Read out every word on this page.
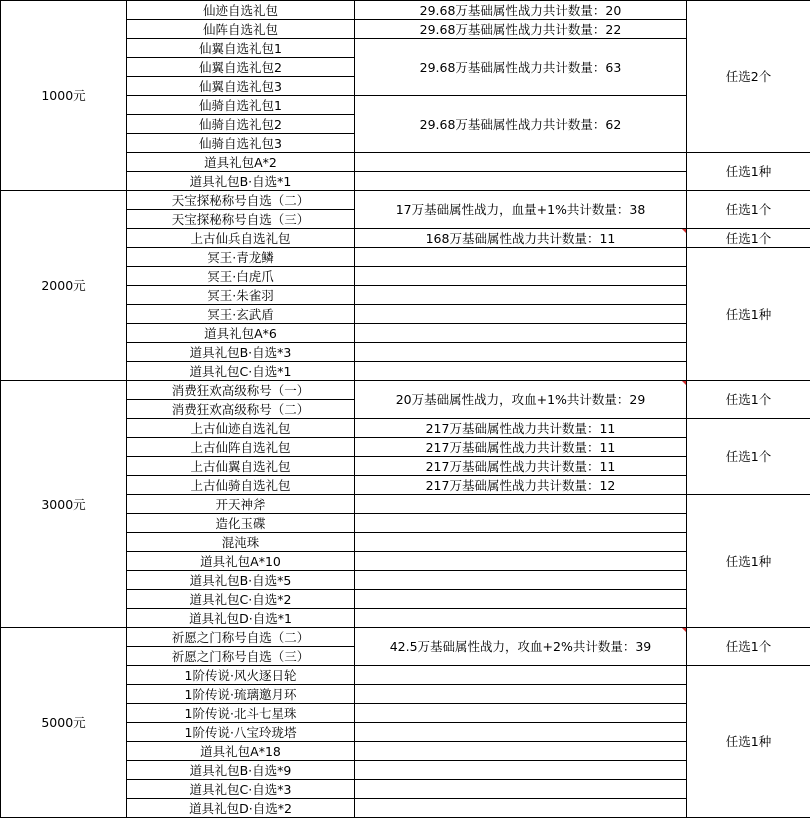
1000元	仙迹自选礼包	29.68万基础属性战力共计数量：20	任选2个
	仙阵自选礼包	29.68万基础属性战力共计数量：22	
	仙翼自选礼包1	29.68万基础属性战力共计数量：63	
	仙翼自选礼包2		
	仙翼自选礼包3		
	仙骑自选礼包1	29.68万基础属性战力共计数量：62	
	仙骑自选礼包2		
	仙骑自选礼包3		
	道具礼包A*2		任选1种
	道具礼包B·自选*1		
2000元	天宝探秘称号自选（二）	17万基础属性战力，血量+1%共计数量：38	任选1个
	天宝探秘称号自选（三）		
	上古仙兵自选礼包	168万基础属性战力共计数量：11	任选1个
	冥王·青龙鳞		任选1种
	冥王·白虎爪		
	冥王·朱雀羽		
	冥王·玄武盾		
	道具礼包A*6		
	道具礼包B·自选*3		
	道具礼包C·自选*1		
3000元	消费狂欢高级称号（一）	20万基础属性战力，攻血+1%共计数量：29	任选1个
	消费狂欢高级称号（二）		
	上古仙迹自选礼包	217万基础属性战力共计数量：11	任选1个
	上古仙阵自选礼包	217万基础属性战力共计数量：11	
	上古仙翼自选礼包	217万基础属性战力共计数量：11	
	上古仙骑自选礼包	217万基础属性战力共计数量：12	
	开天神斧		任选1种
	造化玉碟		
	混沌珠		
	道具礼包A*10		
	道具礼包B·自选*5		
	道具礼包C·自选*2		
	道具礼包D·自选*1		
5000元	祈愿之门称号自选（二）	42.5万基础属性战力，攻血+2%共计数量：39	任选1个
	祈愿之门称号自选（三）		
	1阶传说·风火逐日轮		任选1种
	1阶传说·琉璃邀月环		
	1阶传说·北斗七星珠		
	1阶传说·八宝玲珑塔		
	道具礼包A*18		
	道具礼包B·自选*9		
	道具礼包C·自选*3		
	道具礼包D·自选*2		
